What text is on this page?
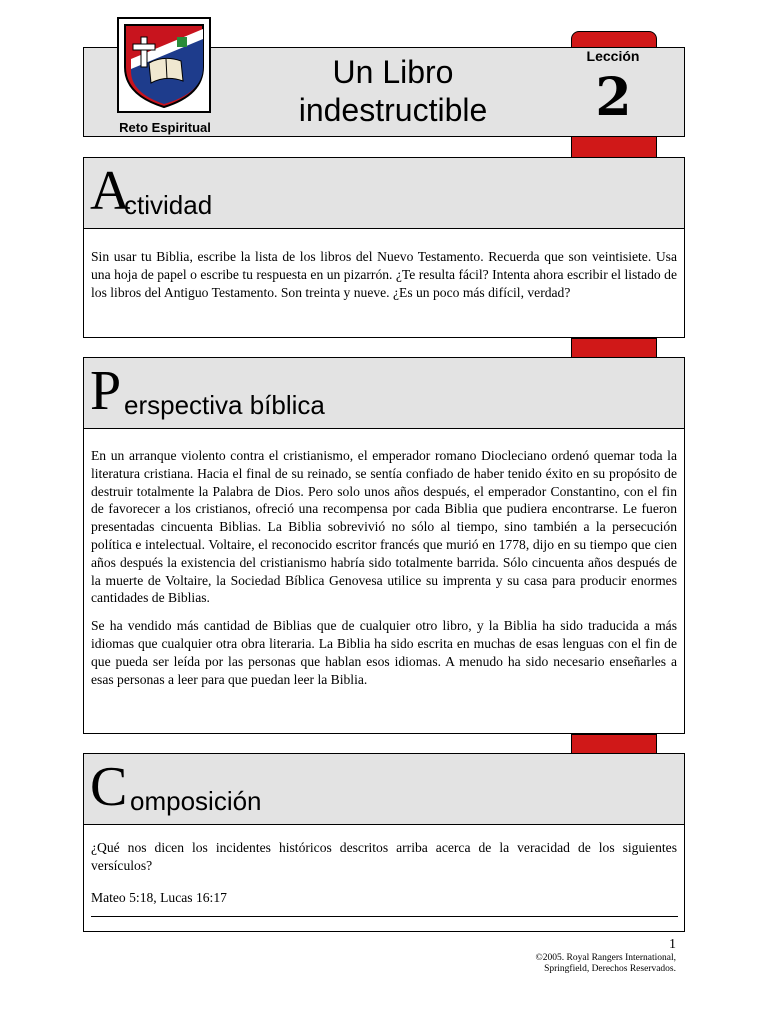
Reto Espiritual
Un Libro
indestructible
Lección
2
A
ctividad

Sin usar tu Biblia, escribe la lista de los libros del Nuevo Testamento. Recuerda que son veintisiete. Usa una hoja de papel o escribe tu respuesta en un pizarrón. ¿Te resulta fácil? Intenta ahora escribir el listado de los libros del Antiguo Testamento. Son treinta y nueve. ¿Es un poco más difícil, verdad?

P erspectiva bíblica

En un arranque violento contra el cristianismo, el emperador romano Diocleciano ordenó quemar toda la literatura cristiana. Hacia el final de su reinado, se sentía confiado de haber tenido éxito en su propósito de destruir totalmente la Palabra de Dios. Pero solo unos años después, el emperador Constantino, con el fin de favorecer a los cristianos, ofreció una recompensa por cada Biblia que pudiera encontrarse. Le fueron presentadas cincuenta Biblias. La Biblia sobrevivió no sólo al tiempo, sino también a la persecución política e intelectual. Voltaire, el reconocido escritor francés que murió en 1778, dijo en su tiempo que cien años después la existencia del cristianismo habría sido totalmente barrida. Sólo cincuenta años después de la muerte de Voltaire, la Sociedad Bíblica Genovesa utilice su imprenta y su casa para producir enormes cantidades de Biblias.

Se ha vendido más cantidad de Biblias que de cualquier otro libro, y la Biblia ha sido traducida a más idiomas que cualquier otra obra literaria. La Biblia ha sido escrita en muchas de esas lenguas con el fin de que pueda ser leída por las personas que hablan esos idiomas. A menudo ha sido necesario enseñarles a esas personas a leer para que puedan leer la Biblia.

C omposición

¿Qué nos dicen los incidentes históricos descritos arriba acerca de la veracidad de los siguientes versículos?

Mateo 5:18, Lucas 16:17

1
©2005. Royal Rangers International,
Springfield, Derechos Reservados.
